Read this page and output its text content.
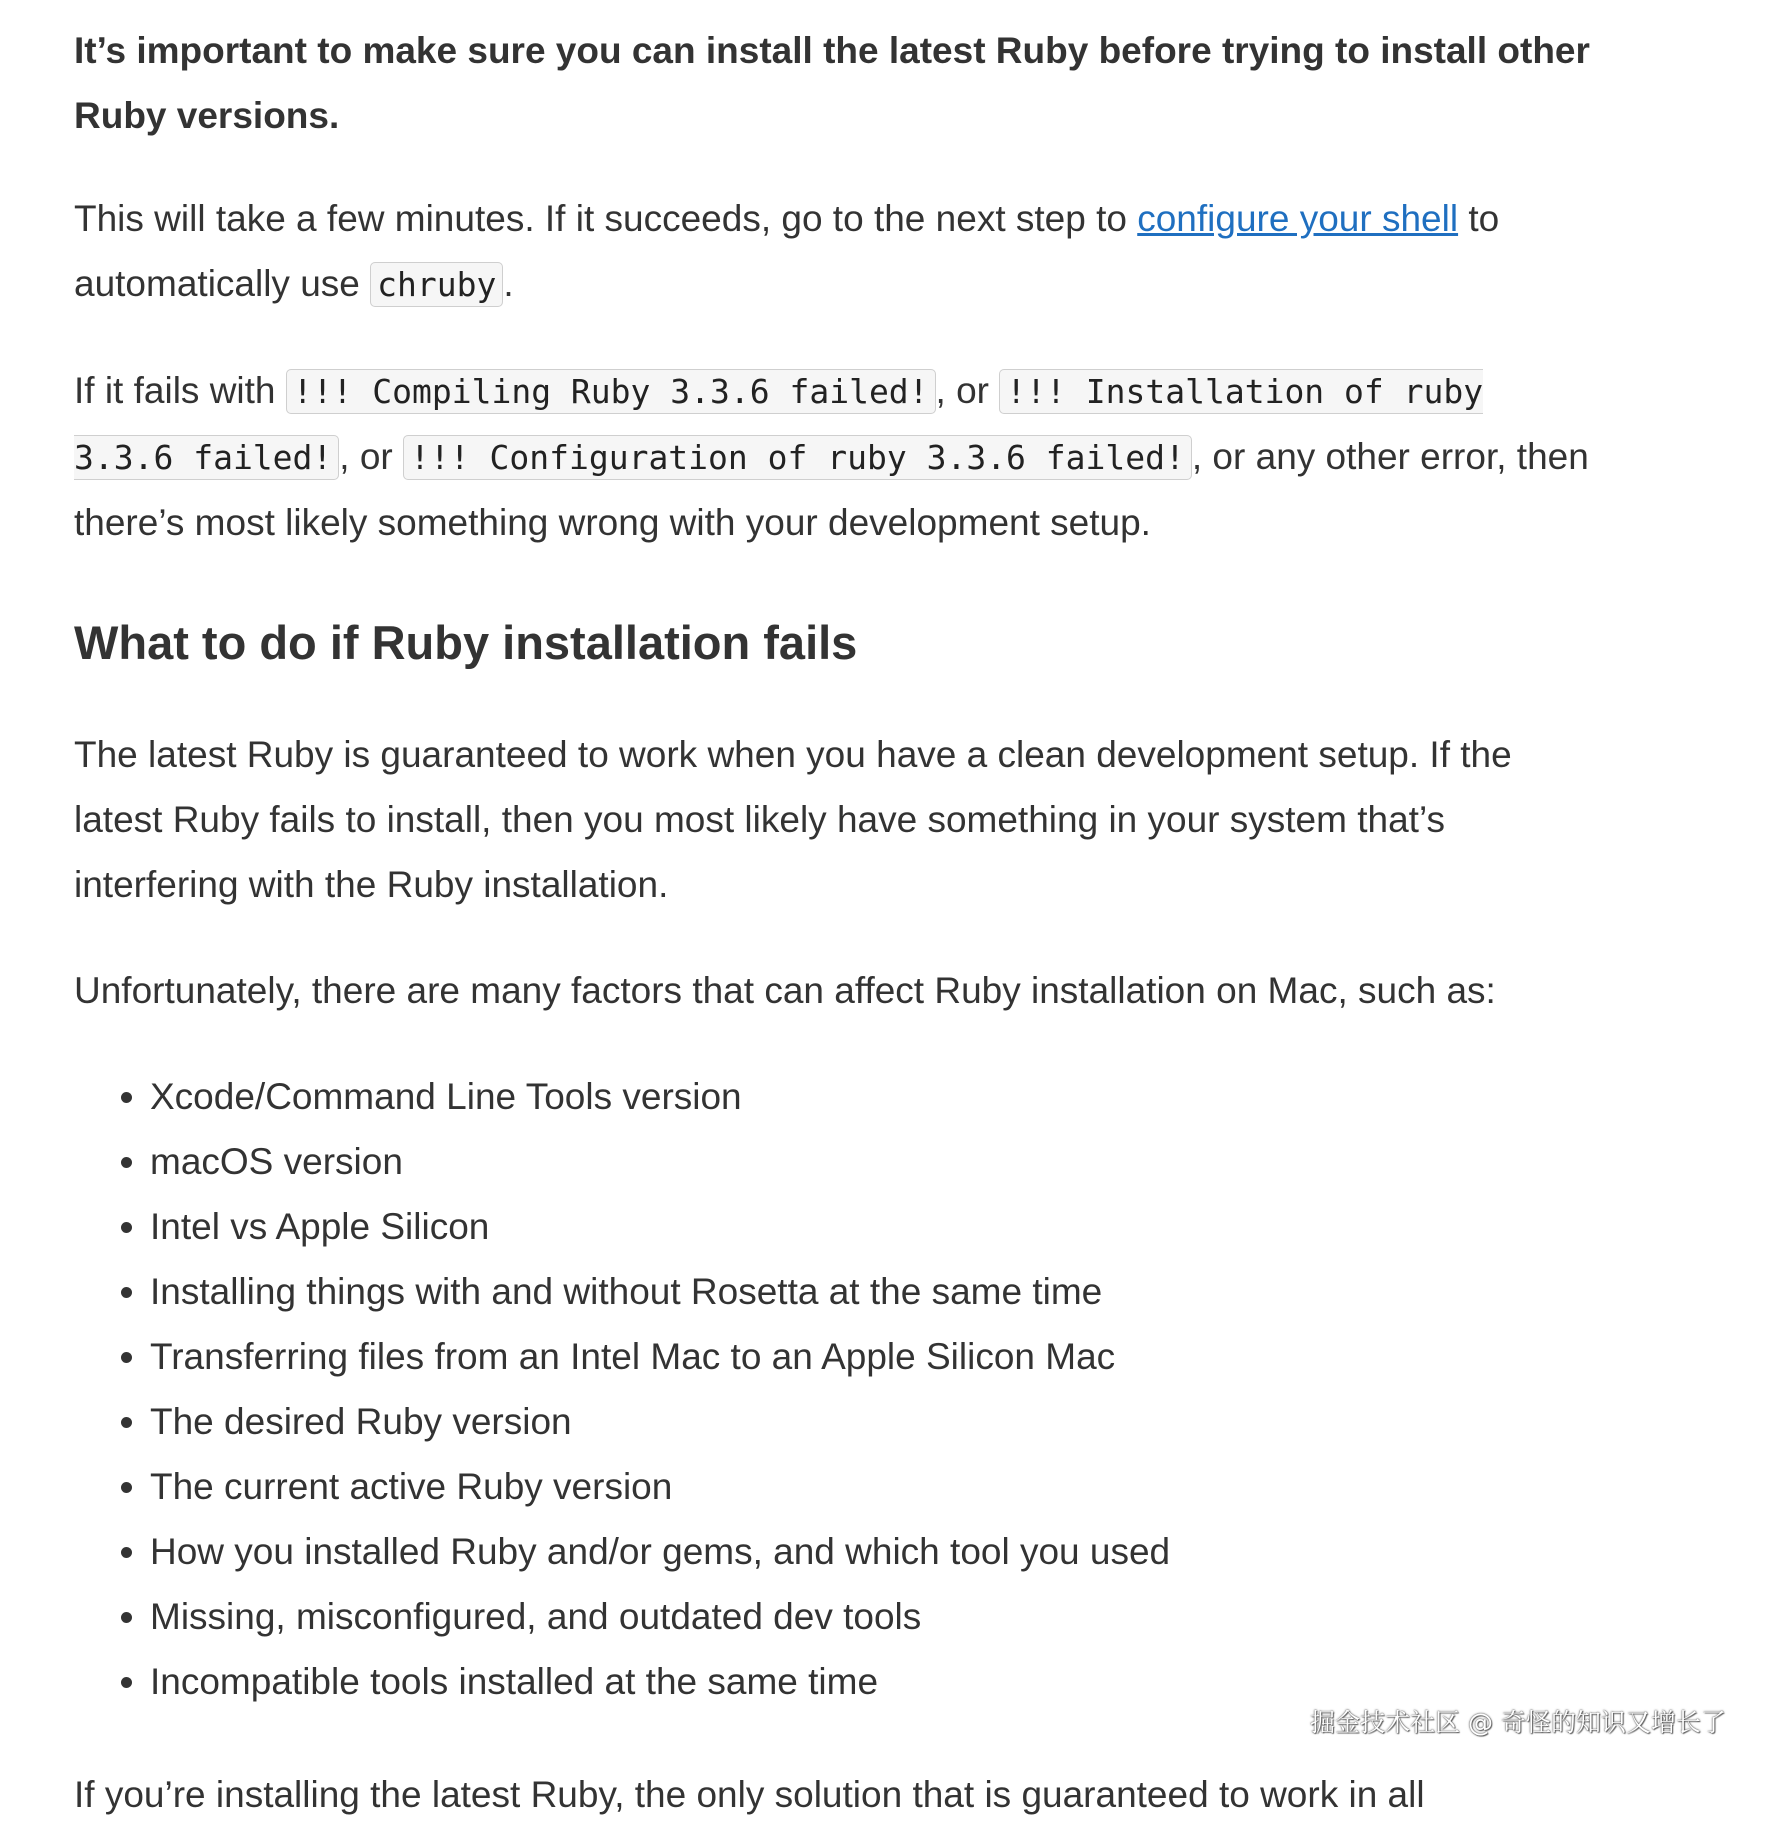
It’s important to make sure you can install the latest Ruby before trying to install other Ruby versions.

This will take a few minutes. If it succeeds, go to the next step to configure your shell to automatically use chruby .

If it fails with !!! Compiling Ruby 3.3.6 failed! , or !!! Installation of ruby 3.3.6 failed! , or !!! Configuration of ruby 3.3.6 failed! , or any other error, then there’s most likely something wrong with your development setup.

What to do if Ruby installation fails

The latest Ruby is guaranteed to work when you have a clean development setup. If the latest Ruby fails to install, then you most likely have something in your system that’s interfering with the Ruby installation.

Unfortunately, there are many factors that can affect Ruby installation on Mac, such as:

• Xcode/Command Line Tools version
• macOS version
• Intel vs Apple Silicon
• Installing things with and without Rosetta at the same time
• Transferring files from an Intel Mac to an Apple Silicon Mac
• The desired Ruby version
• The current active Ruby version
• How you installed Ruby and/or gems, and which tool you used
• Missing, misconfigured, and outdated dev tools
• Incompatible tools installed at the same time

If you’re installing the latest Ruby, the only solution that is guaranteed to work in all

掘金技术社区 @ 奇怪的知识又增长了
